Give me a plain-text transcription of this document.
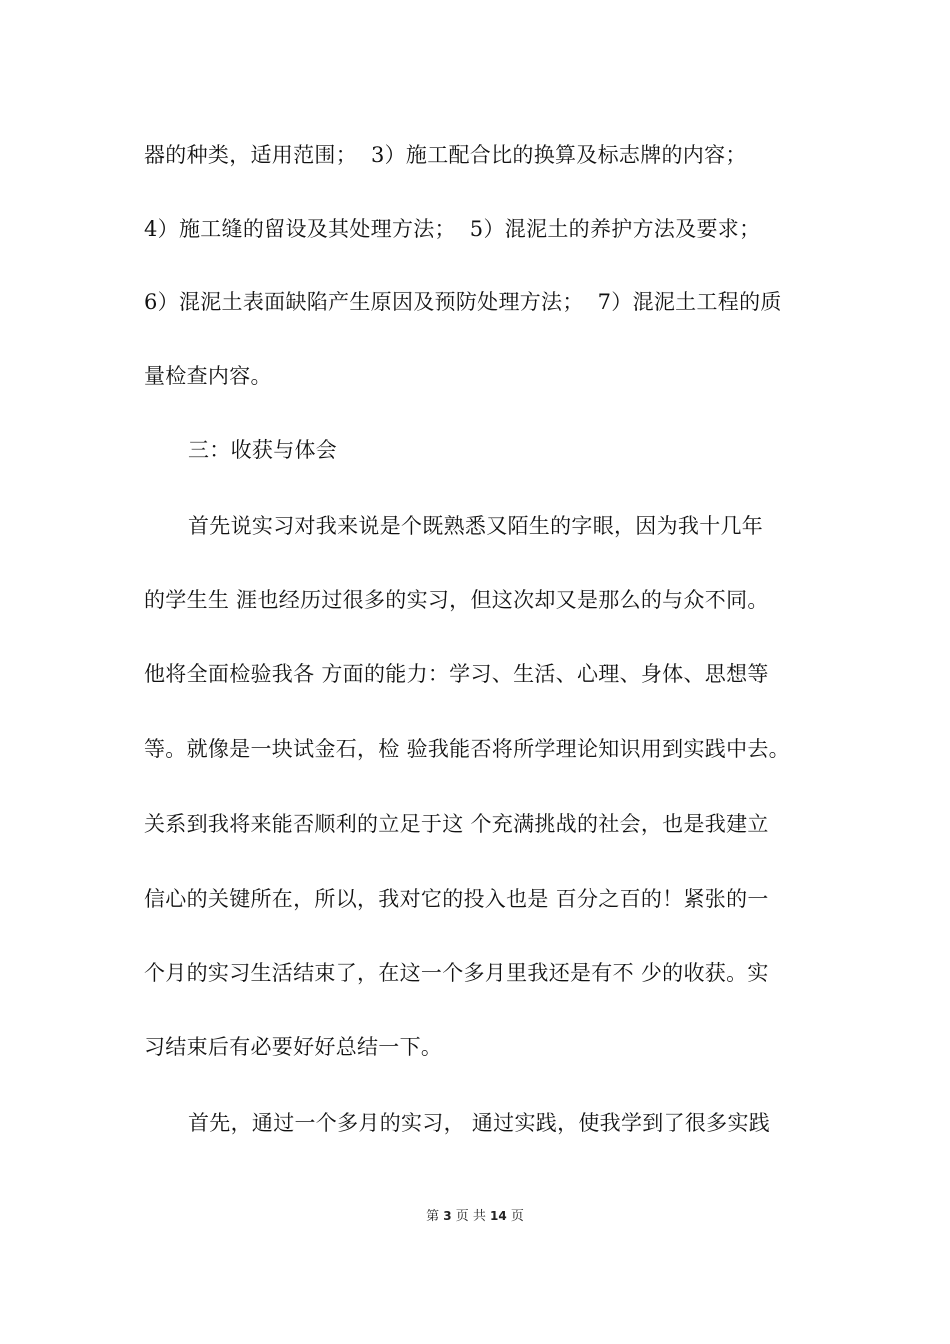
器的种类，适用范围；  3）施工配合比的换算及标志牌的内容；
4）施工缝的留设及其处理方法；  5）混泥土的养护方法及要求；
6）混泥土表面缺陷产生原因及预防处理方法；  7）混泥土工程的质
量检查内容。
三：收获与体会
首先说实习对我来说是个既熟悉又陌生的字眼，因为我十几年
的学生生 涯也经历过很多的实习，但这次却又是那么的与众不同。
他将全面检验我各 方面的能力：学习、生活、心理、身体、思想等
等。就像是一块试金石，检 验我能否将所学理论知识用到实践中去。
关系到我将来能否顺利的立足于这 个充满挑战的社会，也是我建立
信心的关键所在，所以，我对它的投入也是 百分之百的！紧张的一
个月的实习生活结束了，在这一个多月里我还是有不 少的收获。实
习结束后有必要好好总结一下。
首先，通过一个多月的实习， 通过实践，使我学到了很多实践
第 3 页 共 14 页
